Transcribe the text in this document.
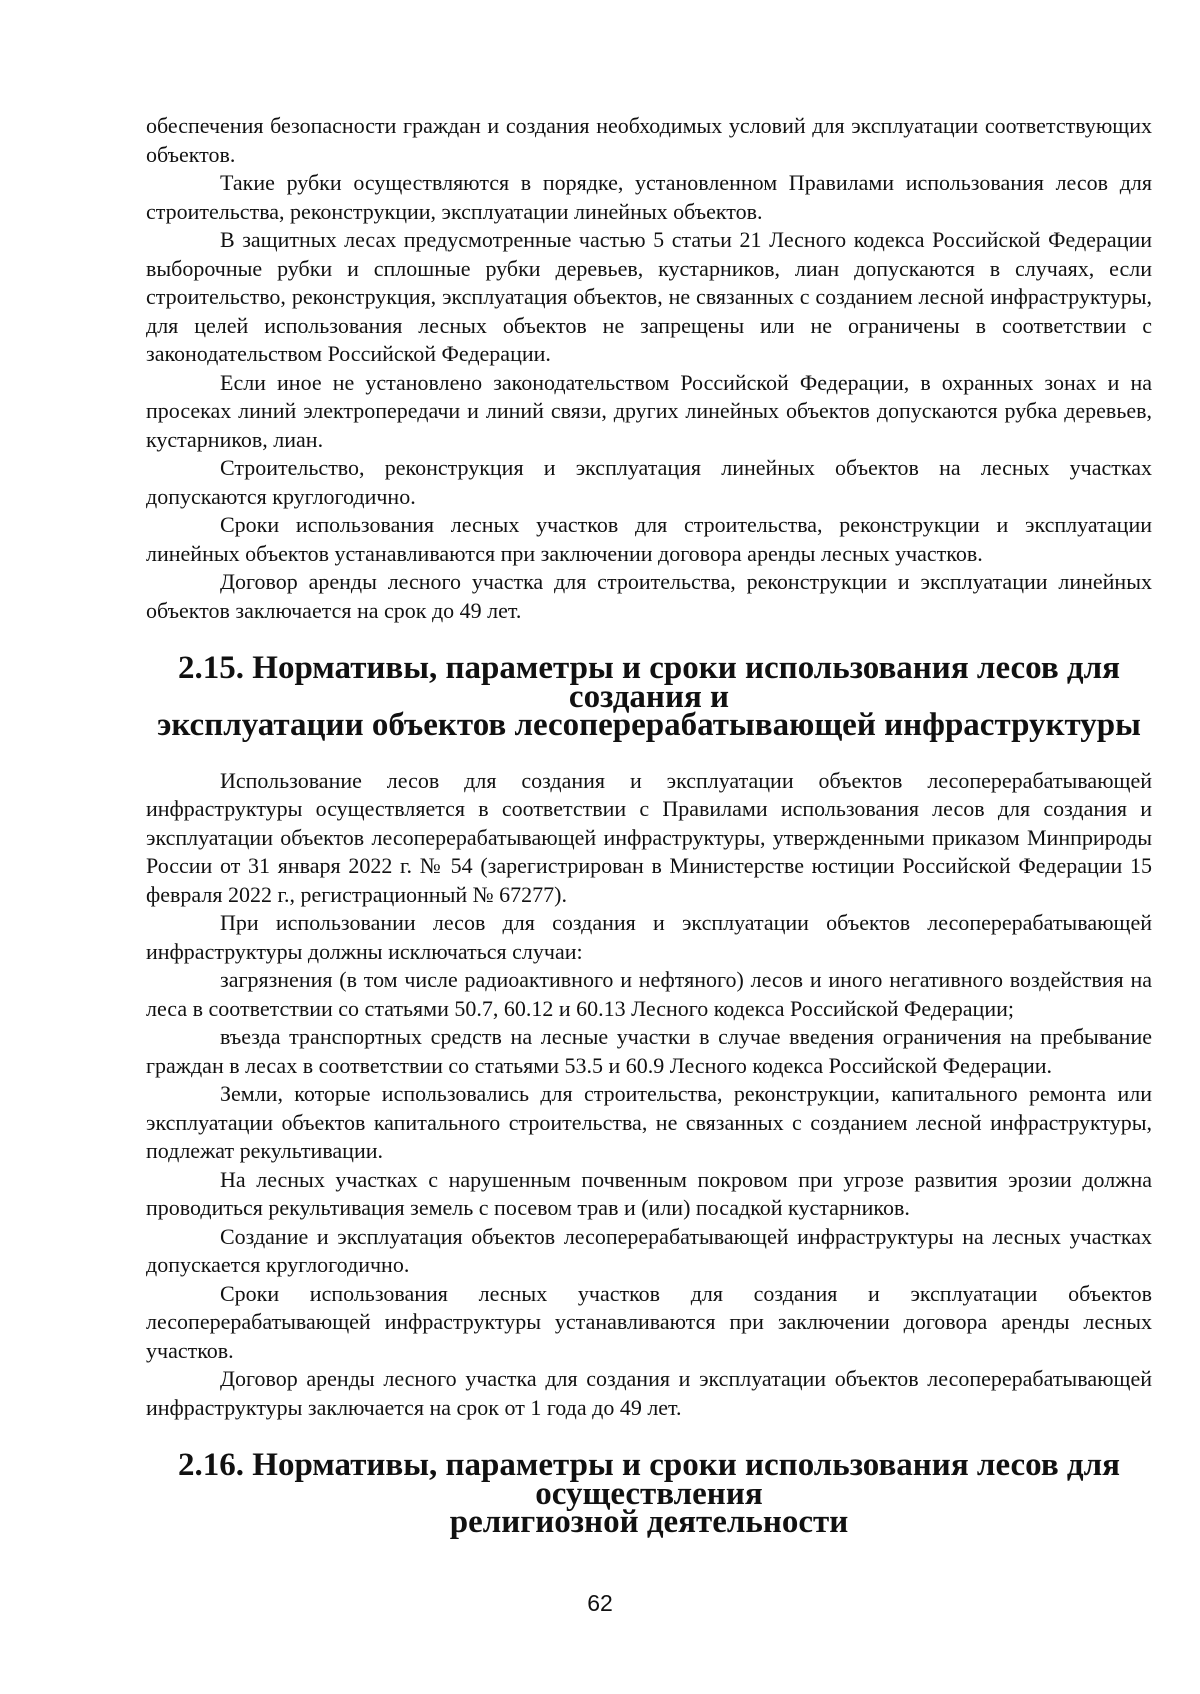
обеспечения безопасности граждан и создания необходимых условий для эксплуатации соответствующих объектов.

Такие рубки осуществляются в порядке, установленном Правилами использования лесов для строительства, реконструкции, эксплуатации линейных объектов.

В защитных лесах предусмотренные частью 5 статьи 21 Лесного кодекса Российской Федерации выборочные рубки и сплошные рубки деревьев, кустарников, лиан допускаются в случаях, если строительство, реконструкция, эксплуатация объектов, не связанных с созданием лесной инфраструктуры, для целей использования лесных объектов не запрещены или не ограничены в соответствии с законодательством Российской Федерации.

Если иное не установлено законодательством Российской Федерации, в охранных зонах и на просеках линий электропередачи и линий связи, других линейных объектов допускаются рубка деревьев, кустарников, лиан.

Строительство, реконструкция и эксплуатация линейных объектов на лесных участках допускаются круглогодично.

Сроки использования лесных участков для строительства, реконструкции и эксплуатации линейных объектов устанавливаются при заключении договора аренды лесных участков.

Договор аренды лесного участка для строительства, реконструкции и эксплуатации линейных объектов заключается на срок до 49 лет.

2.15. Нормативы, параметры и сроки использования лесов для создания и
эксплуатации объектов лесоперерабатывающей инфраструктуры

Использование лесов для создания и эксплуатации объектов лесоперерабатывающей инфраструктуры осуществляется в соответствии с Правилами использования лесов для создания и эксплуатации объектов лесоперерабатывающей инфраструктуры, утвержденными приказом Минприроды России от 31 января 2022 г. № 54 (зарегистрирован в Министерстве юстиции Российской Федерации 15 февраля 2022 г., регистрационный № 67277).

При использовании лесов для создания и эксплуатации объектов лесоперерабатывающей инфраструктуры должны исключаться случаи:

загрязнения (в том числе радиоактивного и нефтяного) лесов и иного негативного воздействия на леса в соответствии со статьями 50.7, 60.12 и 60.13 Лесного кодекса Российской Федерации;

въезда транспортных средств на лесные участки в случае введения ограничения на пребывание граждан в лесах в соответствии со статьями 53.5 и 60.9 Лесного кодекса Российской Федерации.

Земли, которые использовались для строительства, реконструкции, капитального ремонта или эксплуатации объектов капитального строительства, не связанных с созданием лесной инфраструктуры, подлежат рекультивации.

На лесных участках с нарушенным почвенным покровом при угрозе развития эрозии должна проводиться рекультивация земель с посевом трав и (или) посадкой кустарников.

Создание и эксплуатация объектов лесоперерабатывающей инфраструктуры на лесных участках допускается круглогодично.

Сроки использования лесных участков для создания и эксплуатации объектов лесоперерабатывающей инфраструктуры устанавливаются при заключении договора аренды лесных участков.

Договор аренды лесного участка для создания и эксплуатации объектов лесоперерабатывающей инфраструктуры заключается на срок от 1 года до 49 лет.

2.16. Нормативы, параметры и сроки использования лесов для осуществления
религиозной деятельности
62
